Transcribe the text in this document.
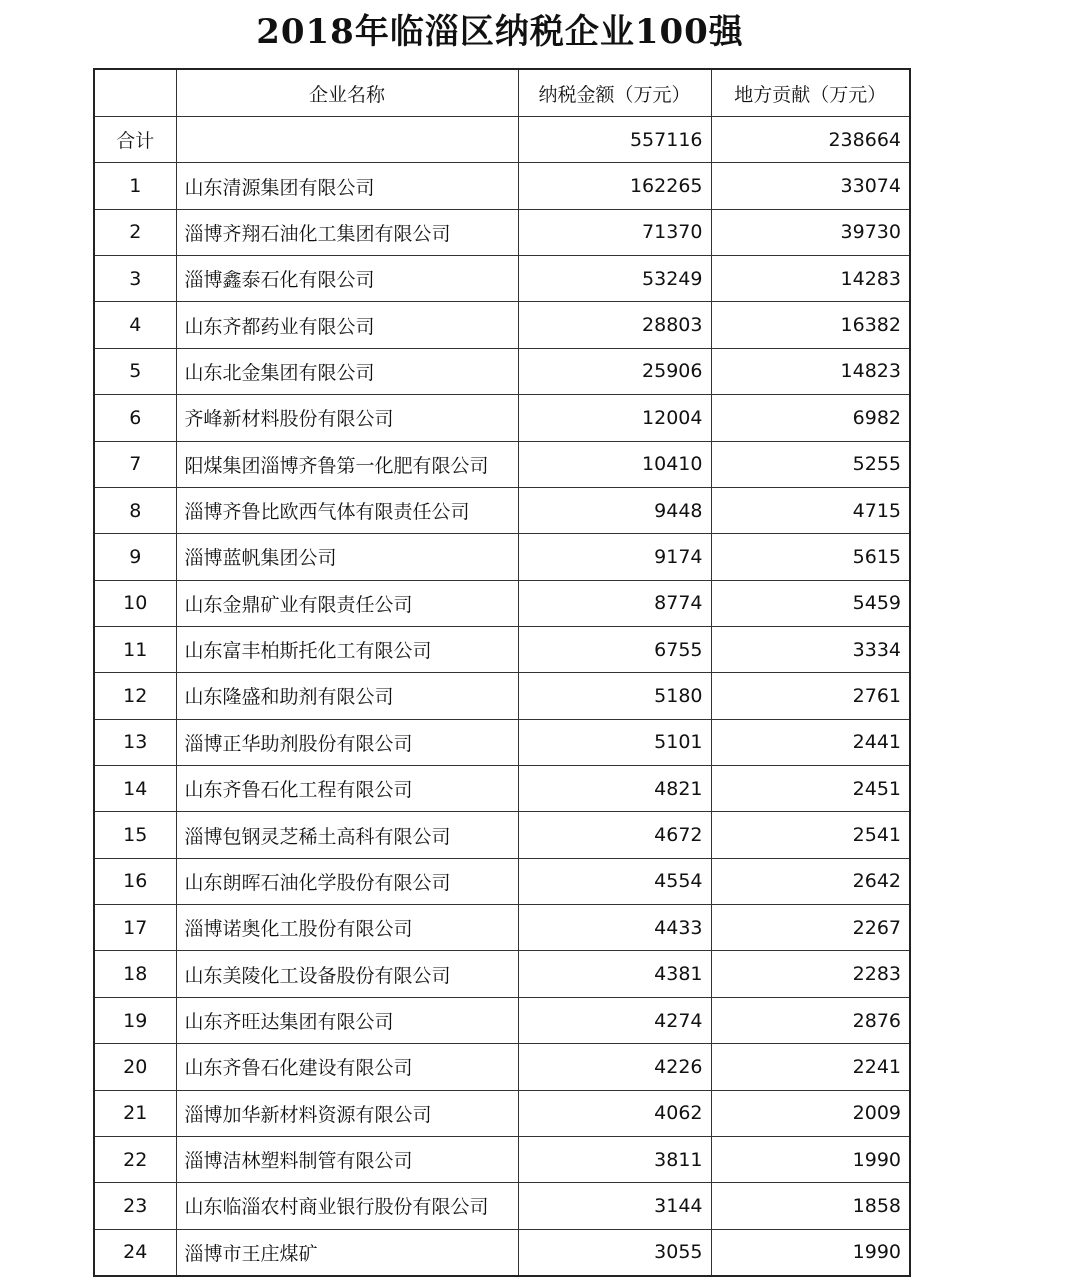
2018年临淄区纳税企业100强
	企业名称	纳税金额（万元）	地方贡献（万元）
合计		557116	238664
1	山东清源集团有限公司	162265	33074
2	淄博齐翔石油化工集团有限公司	71370	39730
3	淄博鑫泰石化有限公司	53249	14283
4	山东齐都药业有限公司	28803	16382
5	山东北金集团有限公司	25906	14823
6	齐峰新材料股份有限公司	12004	6982
7	阳煤集团淄博齐鲁第一化肥有限公司	10410	5255
8	淄博齐鲁比欧西气体有限责任公司	9448	4715
9	淄博蓝帆集团公司	9174	5615
10	山东金鼎矿业有限责任公司	8774	5459
11	山东富丰柏斯托化工有限公司	6755	3334
12	山东隆盛和助剂有限公司	5180	2761
13	淄博正华助剂股份有限公司	5101	2441
14	山东齐鲁石化工程有限公司	4821	2451
15	淄博包钢灵芝稀土高科有限公司	4672	2541
16	山东朗晖石油化学股份有限公司	4554	2642
17	淄博诺奥化工股份有限公司	4433	2267
18	山东美陵化工设备股份有限公司	4381	2283
19	山东齐旺达集团有限公司	4274	2876
20	山东齐鲁石化建设有限公司	4226	2241
21	淄博加华新材料资源有限公司	4062	2009
22	淄博洁林塑料制管有限公司	3811	1990
23	山东临淄农村商业银行股份有限公司	3144	1858
24	淄博市王庄煤矿	3055	1990
